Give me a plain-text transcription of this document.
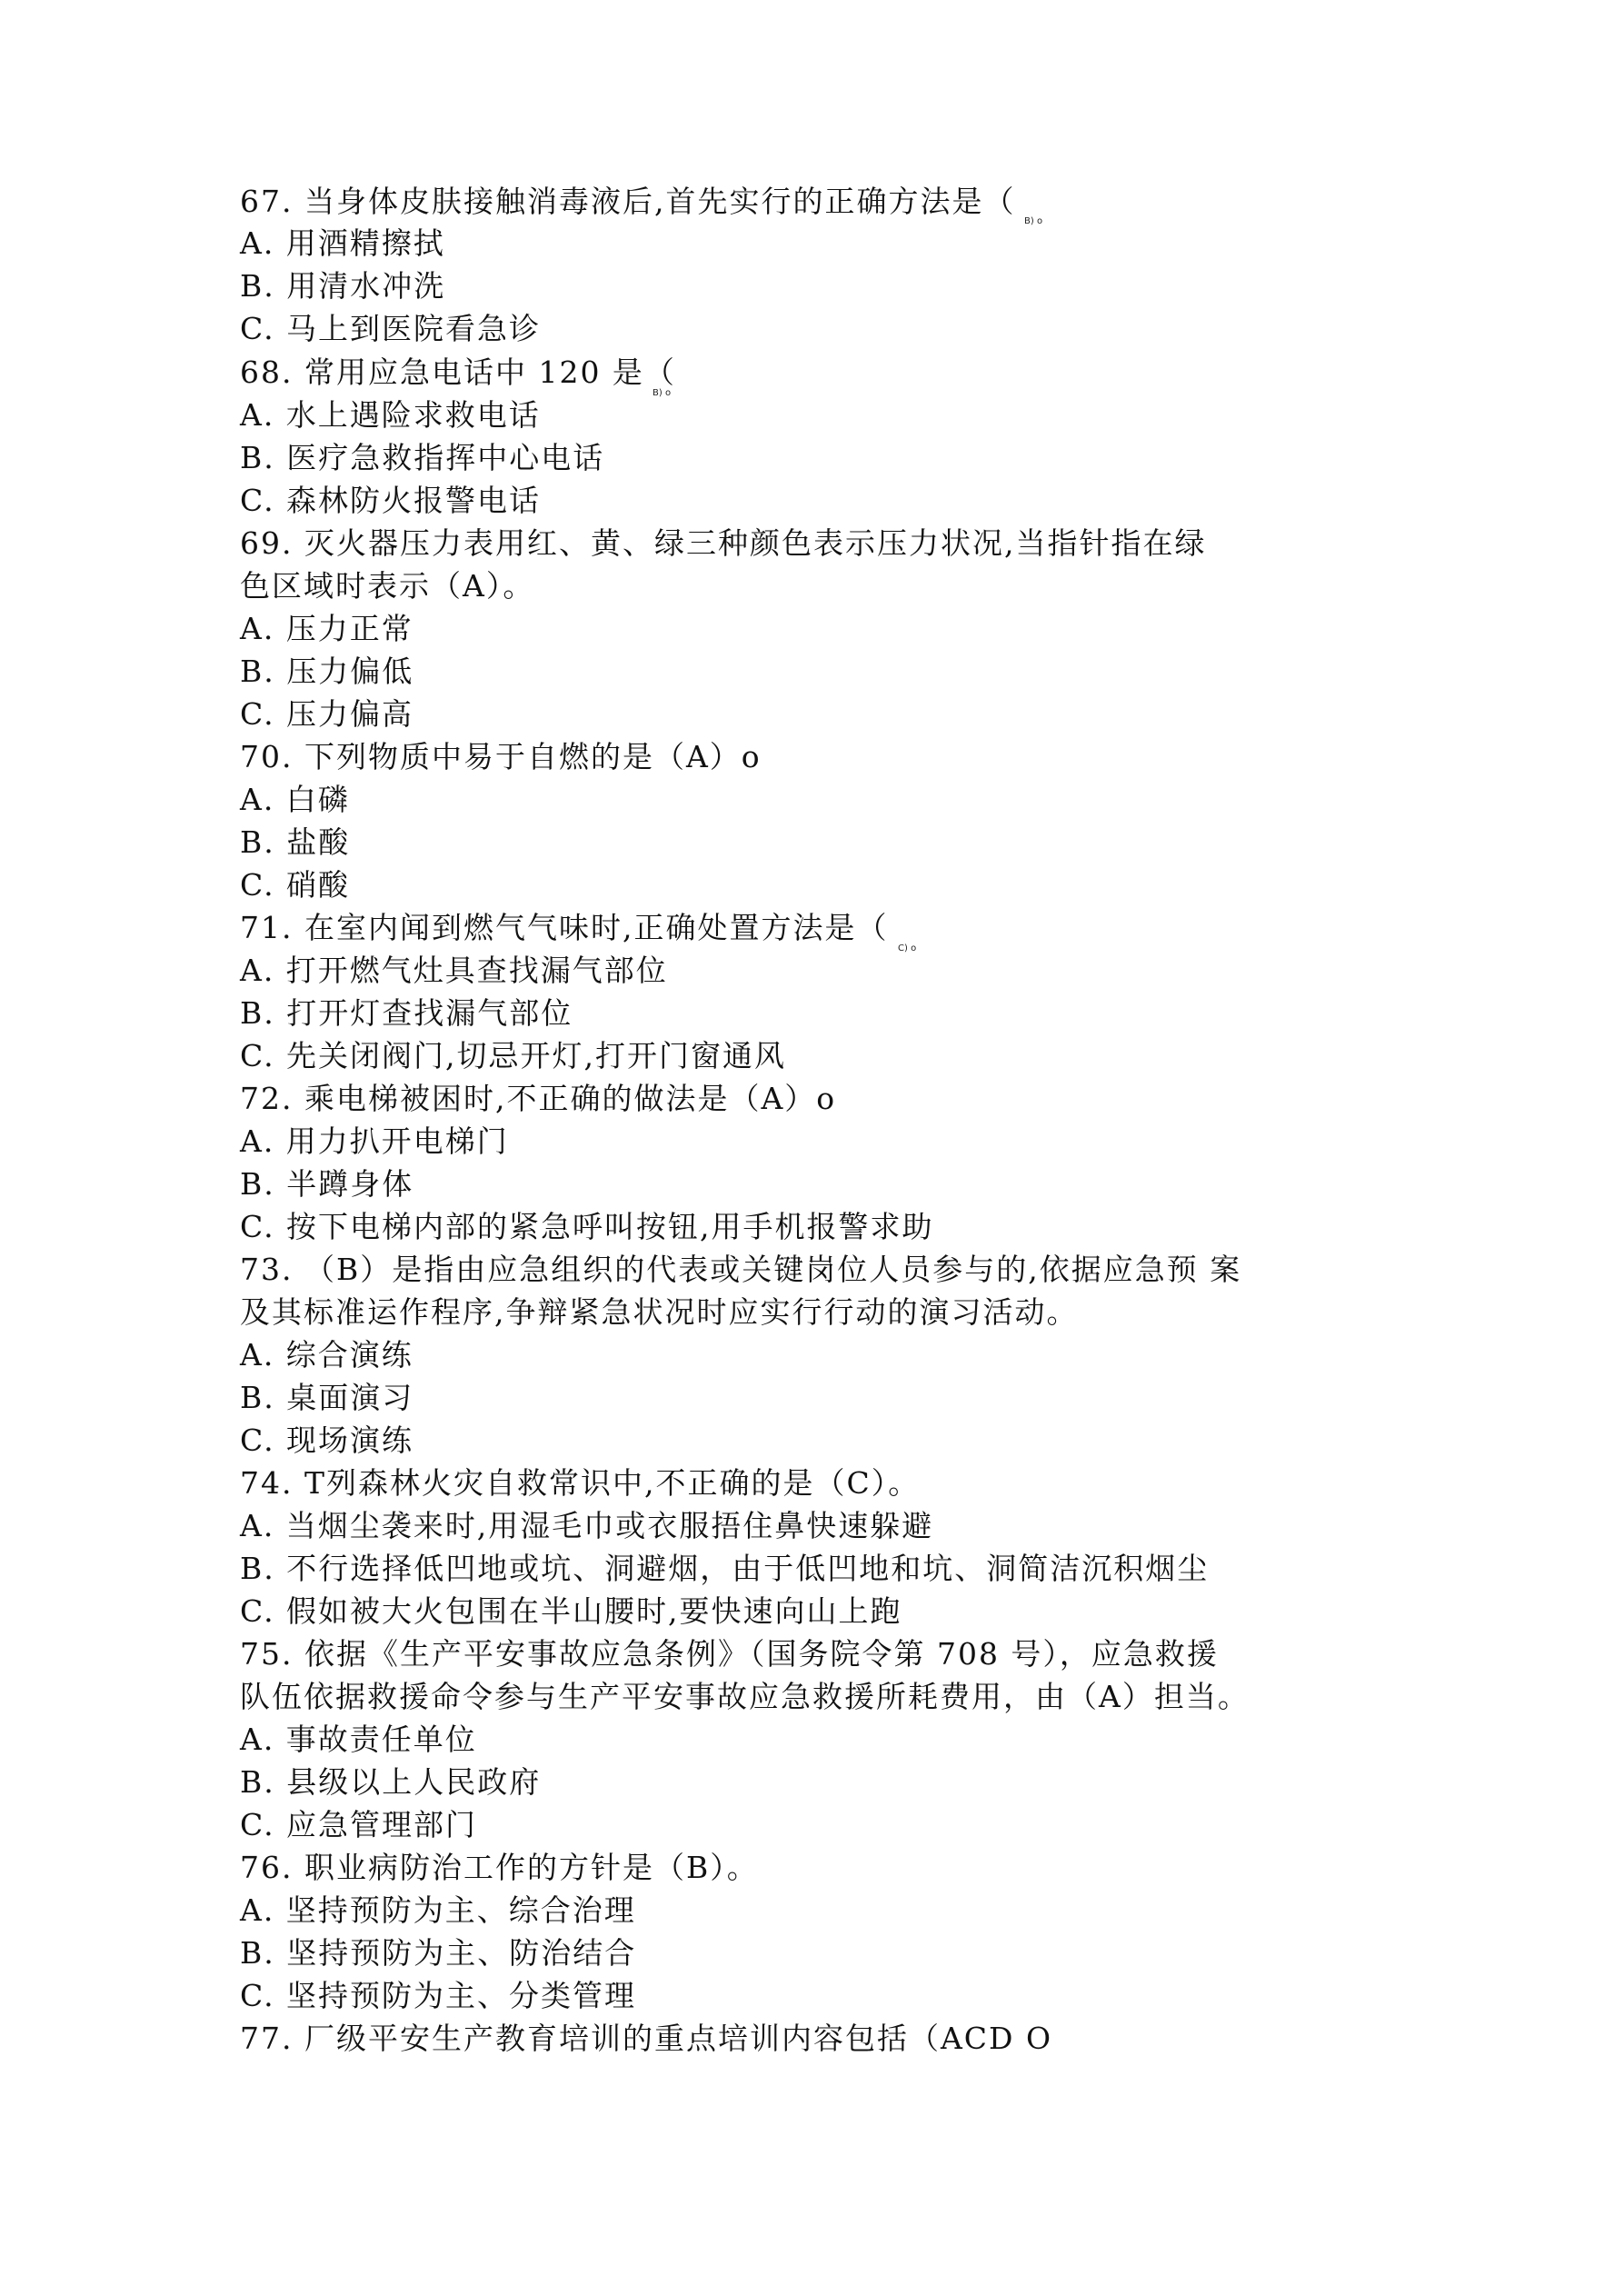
67. 当身体皮肤接触消毒液后,首先实行的正确方法是（
A. 用酒精擦拭
B. 用清水冲洗
C. 马上到医院看急诊
68. 常用应急电话中 120 是（
A. 水上遇险求救电话
B. 医疗急救指挥中心电话
C. 森林防火报警电话
69. 灭火器压力表用红、黄、绿三种颜色表示压力状况,当指针指在绿
色区域时表示（A）。
A. 压力正常
B. 压力偏低
C. 压力偏高
70. 下列物质中易于自燃的是（A）o
A. 白磷
B. 盐酸
C. 硝酸
71. 在室内闻到燃气气味时,正确处置方法是（
A. 打开燃气灶具查找漏气部位
B. 打开灯查找漏气部位
C. 先关闭阀门,切忌开灯,打开门窗通风
72. 乘电梯被困时,不正确的做法是（A）o
A. 用力扒开电梯门
B. 半蹲身体
C. 按下电梯内部的紧急呼叫按钮,用手机报警求助
73. （B）是指由应急组织的代表或关键岗位人员参与的,依据应急预 案
及其标准运作程序,争辩紧急状况时应实行行动的演习活动。
A. 综合演练
B. 桌面演习
C. 现场演练
74. T列森林火灾自救常识中,不正确的是（C）。
A. 当烟尘袭来时,用湿毛巾或衣服捂住鼻快速躲避
B. 不行选择低凹地或坑、洞避烟，由于低凹地和坑、洞简洁沉积烟尘
C. 假如被大火包围在半山腰时,要快速向山上跑
75. 依据《生产平安事故应急条例》（国务院令第 708 号），应急救援
队伍依据救援命令参与生产平安事故应急救援所耗费用，由（A）担当。
A. 事故责任单位
B. 县级以上人民政府
C. 应急管理部门
76. 职业病防治工作的方针是（B）。
A. 坚持预防为主、综合治理
B. 坚持预防为主、防治结合
C. 坚持预防为主、分类管理
77. 厂级平安生产教育培训的重点培训内容包括（ACD O
B) o
B) o
C) o
